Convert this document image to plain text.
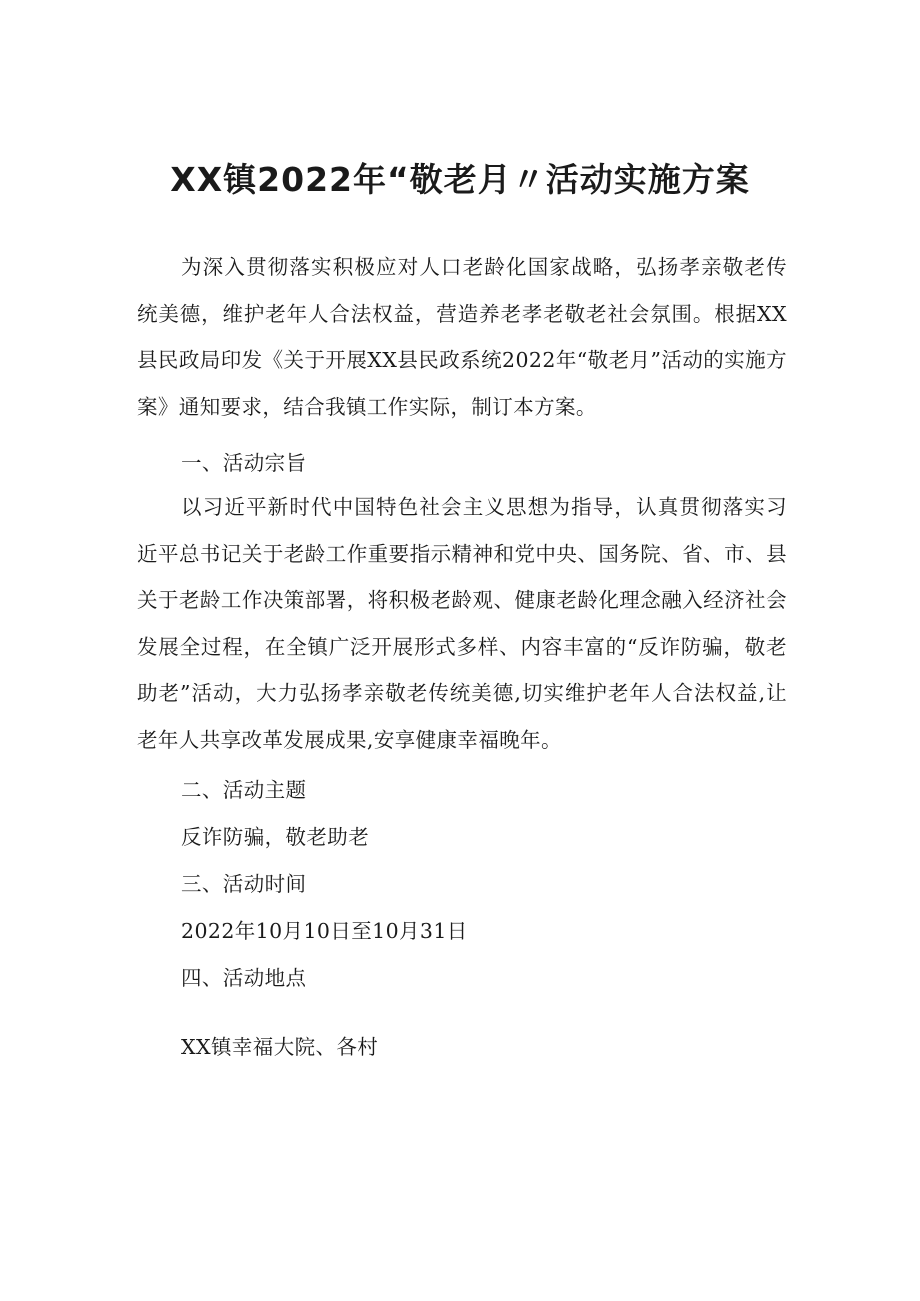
XX镇2022年“敬老月〃活动实施方案

为深入贯彻落实积极应对人口老龄化国家战略，弘扬孝亲敬老传统美德，维护老年人合法权益，营造养老孝老敬老社会氛围。根据XX县民政局印发《关于开展XX县民政系统2022年“敬老月”活动的实施方案》通知要求，结合我镇工作实际，制订本方案。

一、活动宗旨

以习近平新时代中国特色社会主义思想为指导，认真贯彻落实习近平总书记关于老龄工作重要指示精神和党中央、国务院、省、市、县关于老龄工作决策部署，将积极老龄观、健康老龄化理念融入经济社会发展全过程，在全镇广泛开展形式多样、内容丰富的“反诈防骗，敬老助老”活动，大力弘扬孝亲敬老传统美德,切实维护老年人合法权益,让老年人共享改革发展成果,安享健康幸福晚年。

二、活动主题
反诈防骗，敬老助老
三、活动时间
2022年10月10日至10月31日
四、活动地点
XX镇幸福大院、各村
